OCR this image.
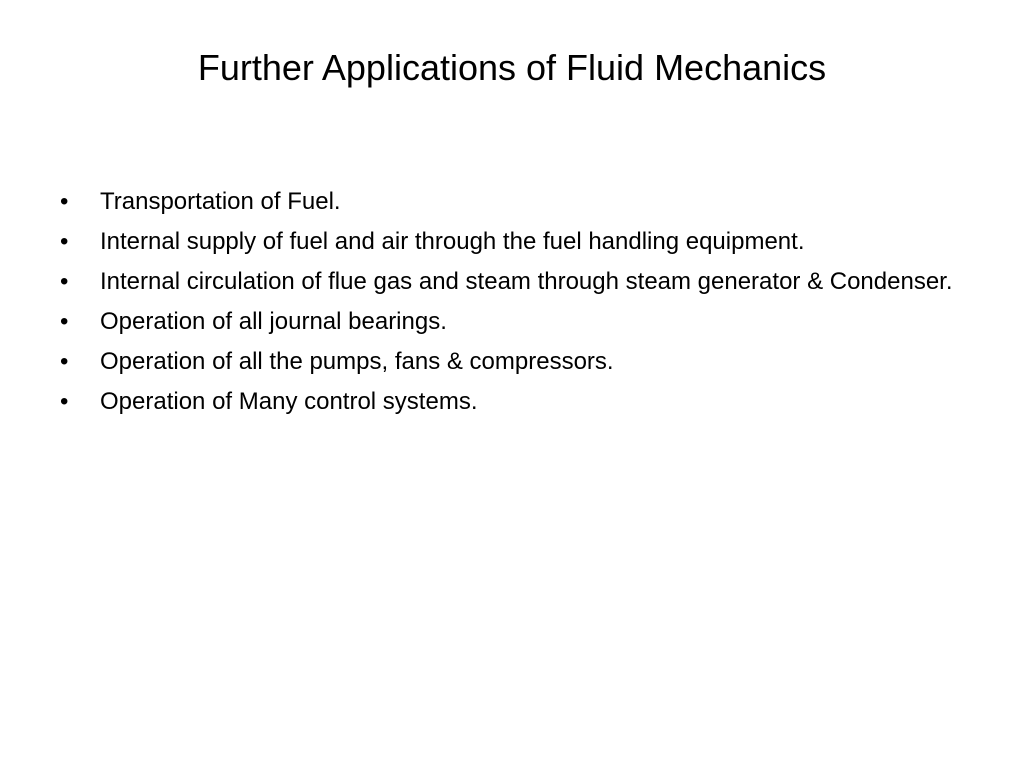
Further Applications of Fluid Mechanics
•	Transportation of Fuel.
•	Internal supply of fuel and air through the fuel handling equipment.
•	Internal circulation of flue gas and steam through steam generator & Condenser.
•	Operation of all journal bearings.
•	Operation of all the pumps, fans & compressors.
•	Operation of Many control systems.
